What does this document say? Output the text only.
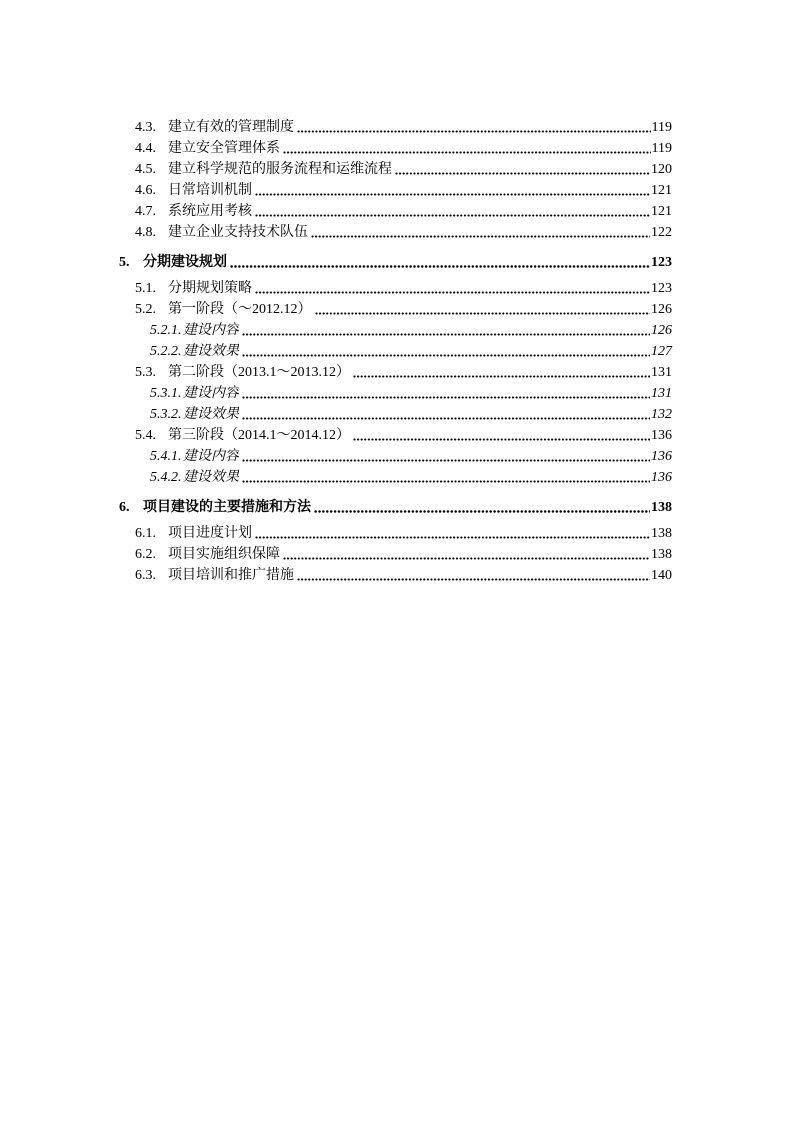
4.3. 建立有效的管理制度	119
4.4. 建立安全管理体系	119
4.5. 建立科学规范的服务流程和运维流程	120
4.6. 日常培训机制	121
4.7. 系统应用考核	121
4.8. 建立企业支持技术队伍	122
5. 分期建设规划	123
5.1. 分期规划策略	123
5.2. 第一阶段（～2012.12）	126
5.2.1. 建设内容	126
5.2.2. 建设效果	127
5.3. 第二阶段（2013.1～2013.12）	131
5.3.1. 建设内容	131
5.3.2. 建设效果	132
5.4. 第三阶段（2014.1～2014.12）	136
5.4.1. 建设内容	136
5.4.2. 建设效果	136
6. 项目建设的主要措施和方法	138
6.1. 项目进度计划	138
6.2. 项目实施组织保障	138
6.3. 项目培训和推广措施	140
